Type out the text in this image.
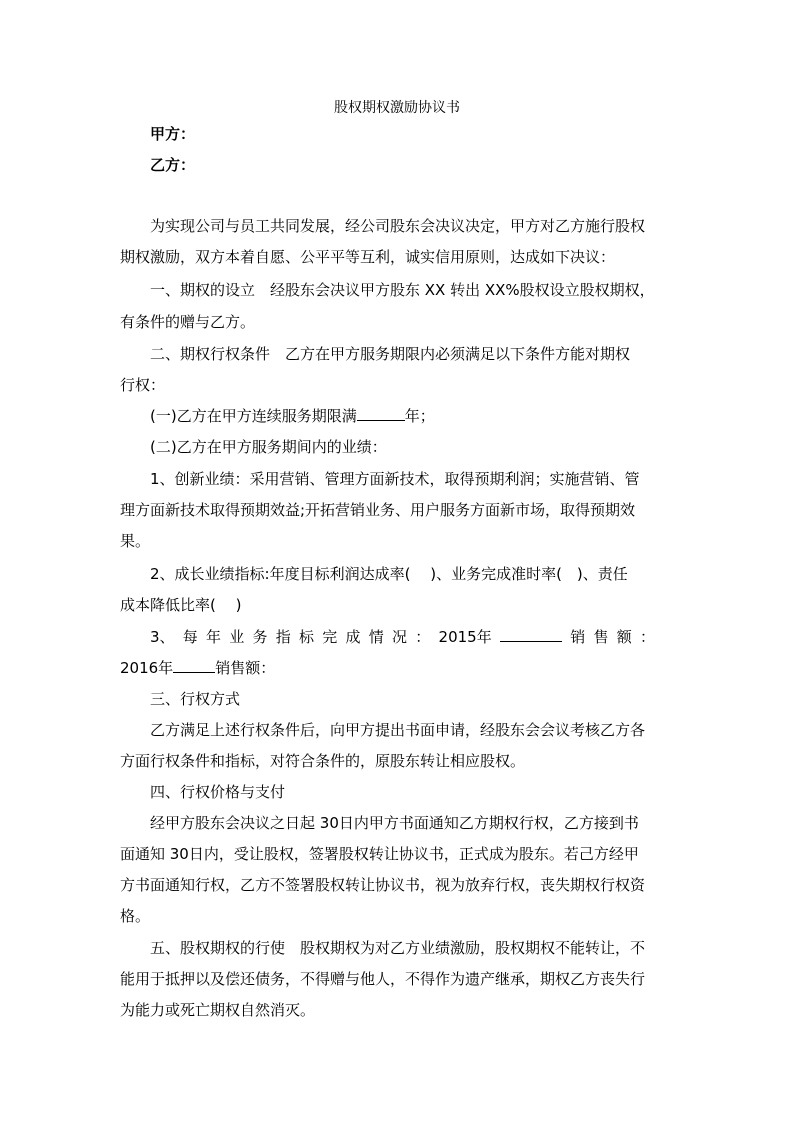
股权期权激励协议书
甲方：
乙方：
为实现公司与员工共同发展，经公司股东会决议决定，甲方对乙方施行股权
期权激励，双方本着自愿、公平平等互利，诚实信用原则，达成如下决议：
一、期权的设立　经股东会决议甲方股东 XX 转出 XX%股权设立股权期权，
有条件的赠与乙方。
二、期权行权条件　乙方在甲方服务期限内必须满足以下条件方能对期权
行权：
(一)乙方在甲方连续服务期限满	年；
(二)乙方在甲方服务期间内的业绩：
1、创新业绩：采用营销、管理方面新技术，取得预期利润；实施营销、管
理方面新技术取得预期效益;开拓营销业务、用户服务方面新市场，取得预期效
果。
2、成长业绩指标:年度目标利润达成率(　 )、业务完成准时率(　)、责任
成本降低比率(　 )
3、 每 年 业 务 指 标 完 成 情 况 ： 2015年	销 售 额 ：
2016年	销售额：
三、行权方式
乙方满足上述行权条件后，向甲方提出书面申请，经股东会会议考核乙方各
方面行权条件和指标，对符合条件的，原股东转让相应股权。
四、行权价格与支付
经甲方股东会决议之日起 30日内甲方书面通知乙方期权行权，乙方接到书
面通知 30日内，受让股权，签署股权转让协议书，正式成为股东。若己方经甲
方书面通知行权，乙方不签署股权转让协议书，视为放弃行权，丧失期权行权资
格。
五、股权期权的行使　股权期权为对乙方业绩激励，股权期权不能转让，不
能用于抵押以及偿还债务，不得赠与他人，不得作为遗产继承，期权乙方丧失行
为能力或死亡期权自然消灭。
